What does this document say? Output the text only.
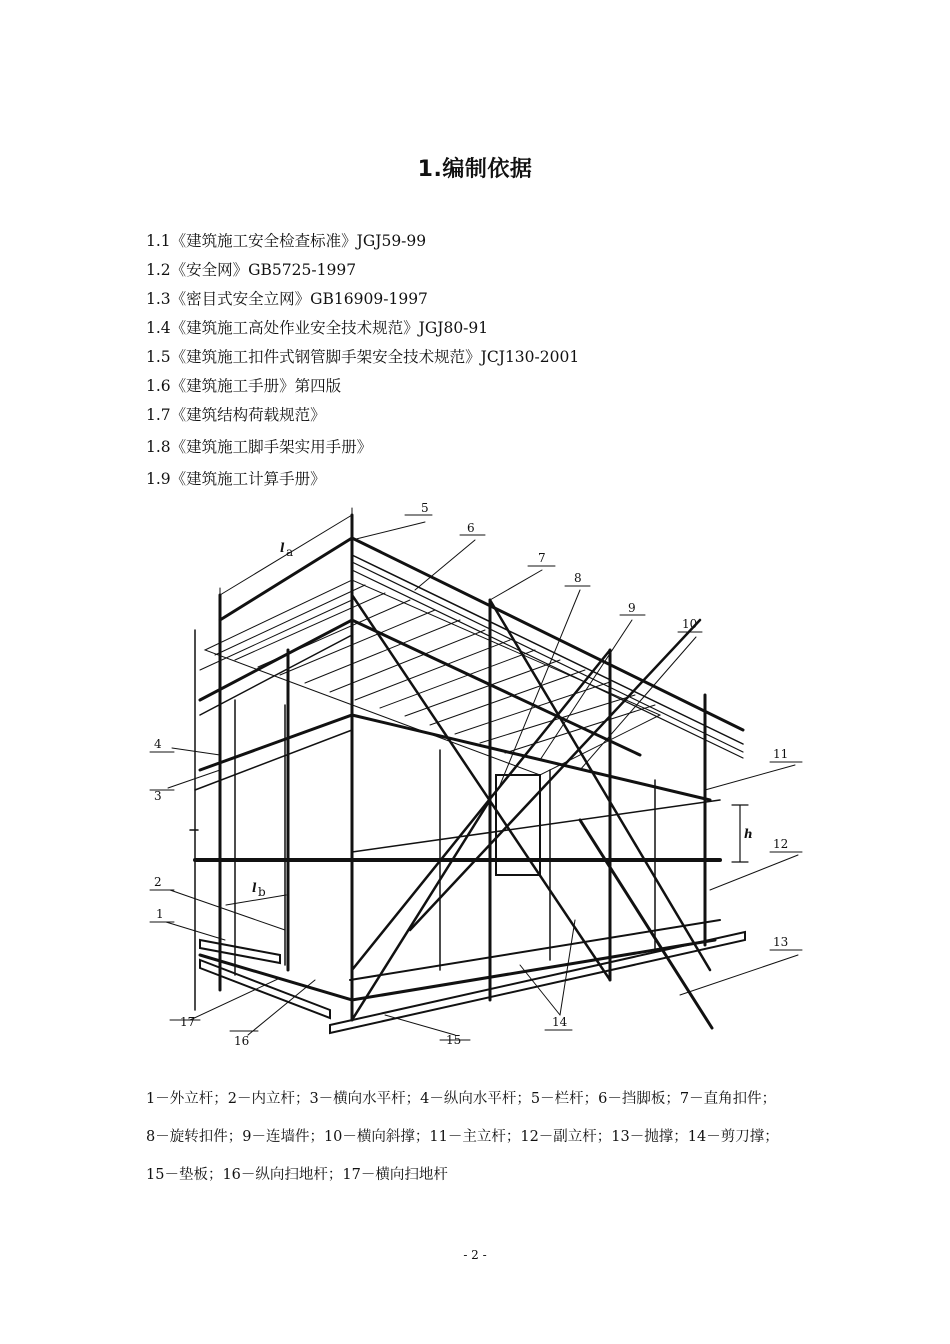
1.编制依据
1.1《建筑施工安全检查标准》JGJ59-99
1.2《安全网》GB5725-1997
1.3《密目式安全立网》GB16909-1997
1.4《建筑施工高处作业安全技术规范》JGJ80-91
1.5《建筑施工扣件式钢管脚手架安全技术规范》JCJ130-2001
1.6《建筑施工手册》第四版
1.7《建筑结构荷载规范》
1.8《建筑施工脚手架实用手册》
1.9《建筑施工计算手册》
5
6
7
8
9
10
11
12
13
14
15
16
17
1
2
3
4
l a
l b
h

1－外立杆；2－内立杆；3－横向水平杆；4－纵向水平杆；5－栏杆；6－挡脚板；7－直角扣件；

8－旋转扣件；9－连墙件；10－横向斜撑；11－主立杆；12－副立杆；13－抛撑；14－剪刀撑；

15－垫板；16－纵向扫地杆；17－横向扫地杆

- 2 -
